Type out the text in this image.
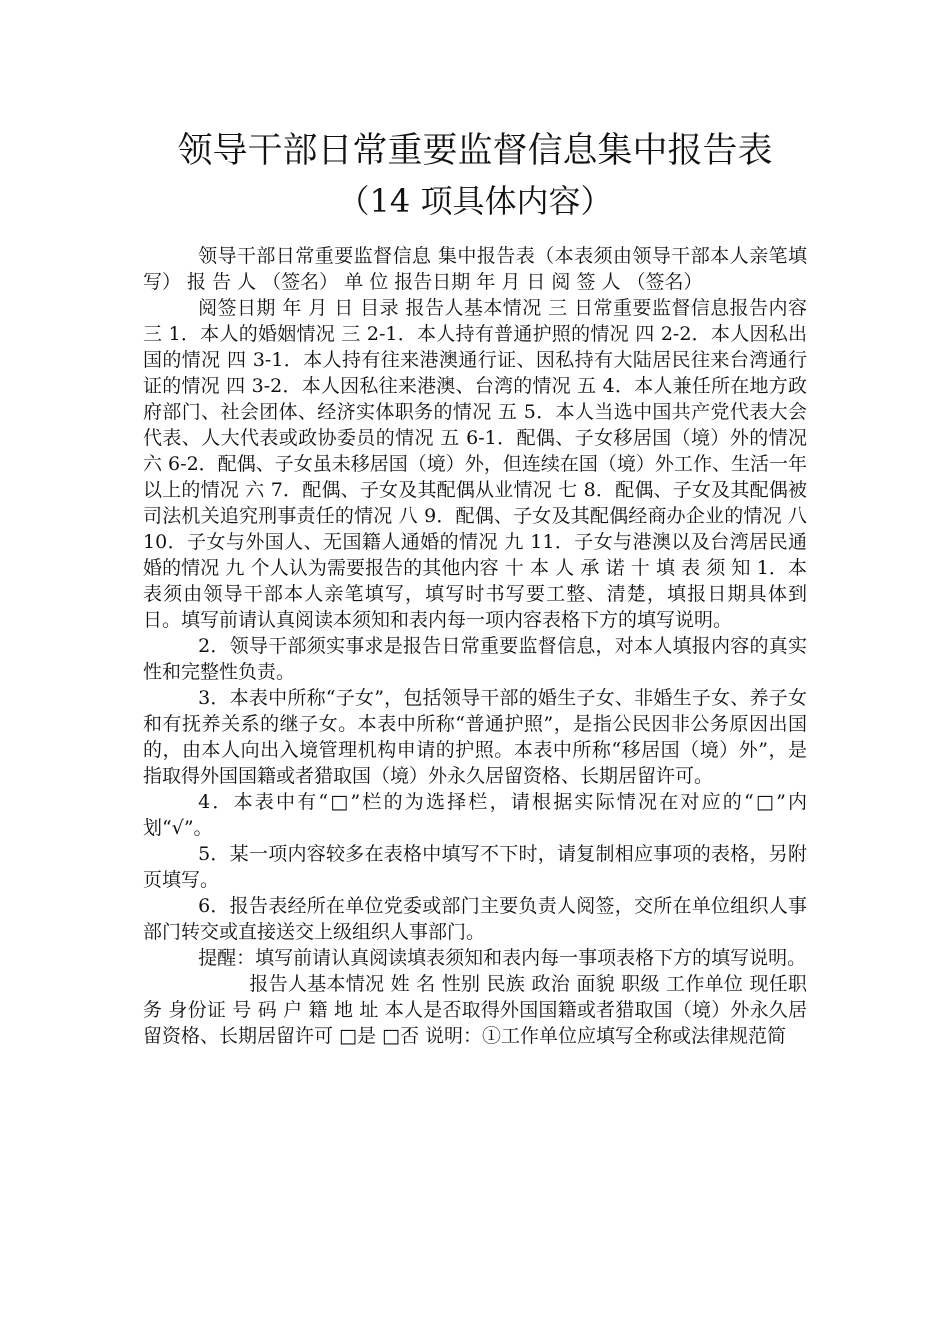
领导干部日常重要监督信息集中报告表
（14 项具体内容）

领导干部日常重要监督信息 集中报告表（本表须由领导干部本人亲笔填写） 报 告 人 （签名） 单 位 报告日期 年 月 日 阅 签 人 （签名）

阅签日期 年 月 日 目录 报告人基本情况 三 日常重要监督信息报告内容 三 1．本人的婚姻情况 三 2-1．本人持有普通护照的情况 四 2-2．本人因私出国的情况 四 3-1．本人持有往来港澳通行证、因私持有大陆居民往来台湾通行证的情况 四 3-2．本人因私往来港澳、台湾的情况 五 4．本人兼任所在地方政府部门、社会团体、经济实体职务的情况 五 5．本人当选中国共产党代表大会代表、人大代表或政协委员的情况 五 6-1．配偶、子女移居国（境）外的情况 六 6-2．配偶、子女虽未移居国（境）外，但连续在国（境）外工作、生活一年以上的情况 六 7．配偶、子女及其配偶从业情况 七 8．配偶、子女及其配偶被司法机关追究刑事责任的情况 八 9．配偶、子女及其配偶经商办企业的情况 八 10．子女与外国人、无国籍人通婚的情况 九 11．子女与港澳以及台湾居民通婚的情况 九 个人认为需要报告的其他内容 十 本 人 承 诺 十 填 表 须 知 1．本表须由领导干部本人亲笔填写，填写时书写要工整、清楚，填报日期具体到日。填写前请认真阅读本须知和表内每一项内容表格下方的填写说明。

2．领导干部须实事求是报告日常重要监督信息，对本人填报内容的真实性和完整性负责。

3．本表中所称“子女”，包括领导干部的婚生子女、非婚生子女、养子女和有抚养关系的继子女。本表中所称“普通护照”，是指公民因非公务原因出国的，由本人向出入境管理机构申请的护照。本表中所称“移居国（境）外”，是指取得外国国籍或者猎取国（境）外永久居留资格、长期居留许可。

4．本表中有“□”栏的为选择栏，请根据实际情况在对应的“□”内划“√”。

5．某一项内容较多在表格中填写不下时，请复制相应事项的表格，另附页填写。

6．报告表经所在单位党委或部门主要负责人阅签，交所在单位组织人事部门转交或直接送交上级组织人事部门。

提醒：填写前请认真阅读填表须知和表内每一事项表格下方的填写说明。

报告人基本情况 姓 名 性别 民族 政治 面貌 职级 工作单位 现任职务 身份证 号 码 户 籍 地 址 本人是否取得外国国籍或者猎取国（境）外永久居留资格、长期居留许可 □是 □否 说明：①工作单位应填写全称或法律规范简
